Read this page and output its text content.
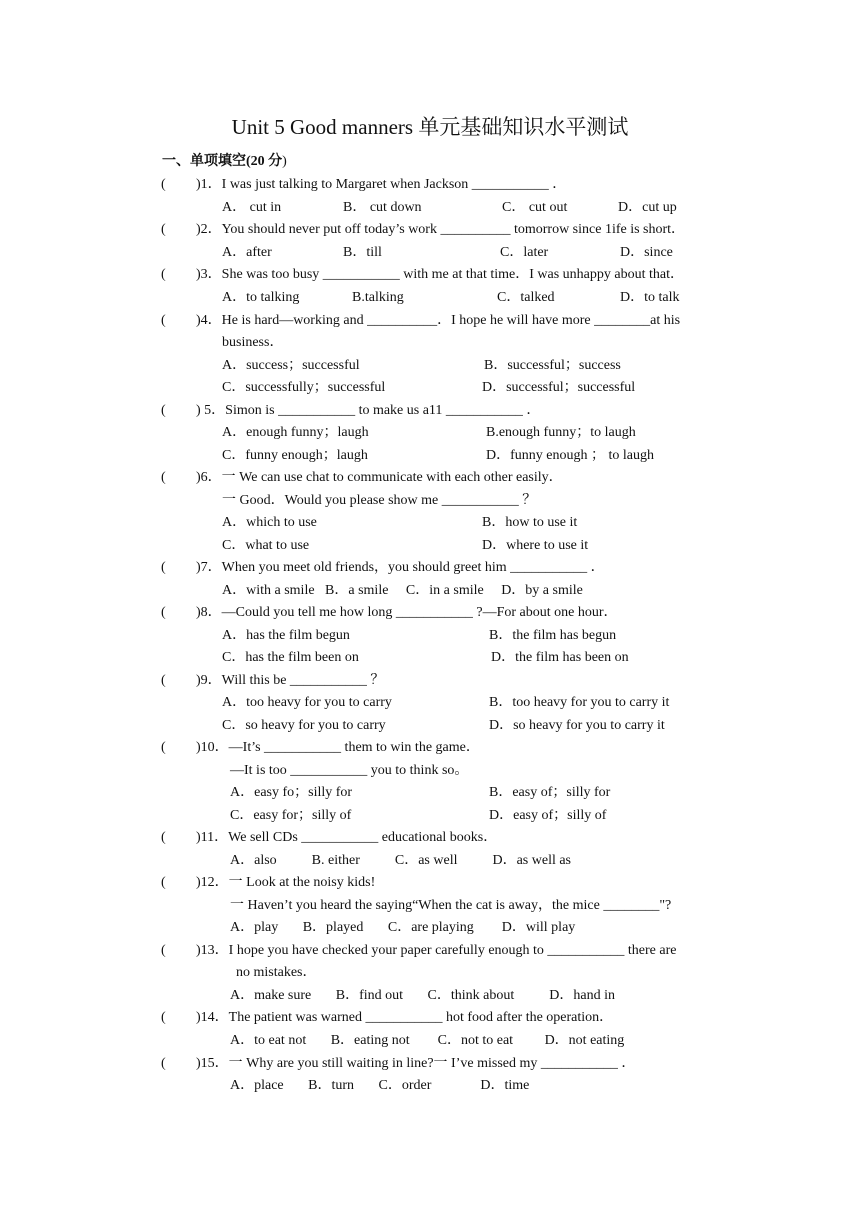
Unit 5 Good manners 单元基础知识水平测试
一、单项填空(20 分)
( )1．I was just talking to Margaret when Jackson ___________ ．
A． cut in	B． cut down	C． cut out	D．cut up
( )2．You should never put off today’s work __________ tomorrow since 1ife is short．
A．after	B．till	C．later	D．since
( )3．She was too busy ___________ with me at that time．I was unhappy about that．
A．to talking	B.talking	C．talked	D．to talk
( )4．He is hard—working and __________．I hope he will have more ________at his
business．
A．success；successful	B．successful；success
C．successfully；successful	D．successful；successful
( ) 5．Simon is ___________ to make us a11 ___________ ．
A．enough funny；laugh	B.enough funny；to laugh
C．funny enough；laugh	D．funny enough ； to laugh
( )6．一 We can use chat to communicate with each other easily．
一 Good．Would you please show me ___________ ？
A．which to use	B．how to use it
C．what to use	D．where to use it
( )7．When you meet old friends，you should greet him ___________ ．
A．with a smile   B．a smile     C．in a smile     D．by a smile
( )8．—Could you tell me how long ___________ ?—For about one hour．
A．has the film begun	B．the film has begun
C．has the film been on	D．the film has been on
( )9．Will this be ___________ ？
A．too heavy for you to carry	B．too heavy for you to carry it
C．so heavy for you to carry	D．so heavy for you to carry it
( )10．—It’s ___________ them to win the game．
—It is too ___________ you to think so。
A．easy fo；silly for	B．easy of；silly for
C．easy for；silly of	D．easy of；silly of
( )11．We sell CDs ___________ educational books．
A．also          B. either          C．as well          D．as well as
( )12．一 Look at the noisy kids!
一 Haven’t you heard the saying“When the cat is away，the mice ________"?
A．play       B．played       C．are playing        D．will play
( )13．I hope you have checked your paper carefully enough to ___________ there are
no mistakes．
A．make sure       B．find out       C．think about          D．hand in
( )14．The patient was warned ___________ hot food after the operation．
A．to eat not       B．eating not        C．not to eat         D．not eating
( )15．一 Why are you still waiting in line?一 I’ve missed my ___________ ．
A．place       B．turn       C．order              D．time
